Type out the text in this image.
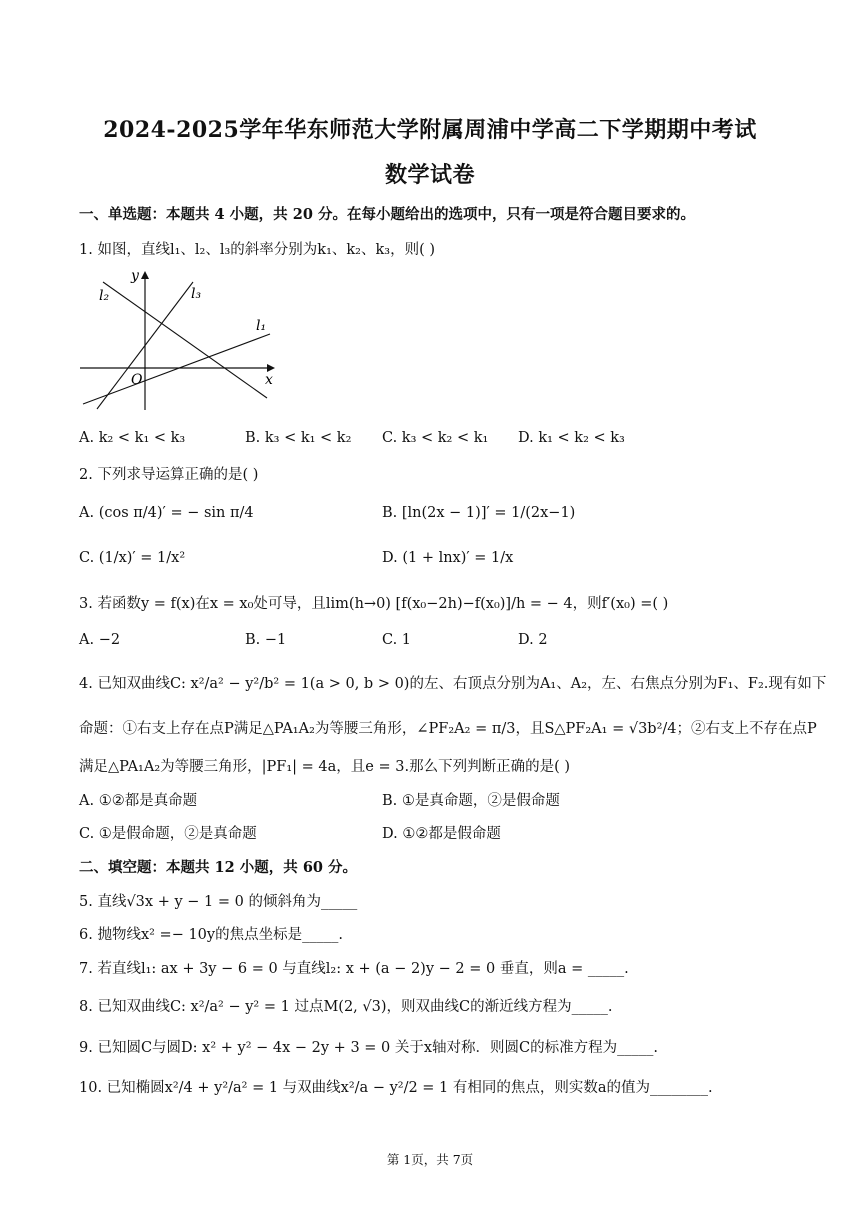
2024-2025学年华东师范大学附属周浦中学高二下学期期中考试
数学试卷
一、单选题：本题共 4 小题，共 20 分。在每小题给出的选项中，只有一项是符合题目要求的。
1. 如图，直线l₁、l₂、l₃的斜率分别为k₁、k₂、k₃，则( )
y
x
O
l₁
l₂	l₃
A. k₂ < k₁ < k₃	B. k₃ < k₁ < k₂ C. k₃ < k₂ < k₁ D. k₁ < k₂ < k₃
2. 下列求导运算正确的是( )
A. (cos π/4)′ = − sin π/4	B. [ln(2x − 1)]′ = 1/(2x−1)
C. (1/x)′ = 1/x²	D. (1 + lnx)′ = 1/x
3. 若函数y = f(x)在x = x₀处可导，且lim(h→0) [f(x₀−2h)−f(x₀)]/h = − 4，则f′(x₀) =( )
A. −2	B. −1	C. 1	D. 2
4. 已知双曲线C: x²/a² − y²/b² = 1(a > 0, b > 0)的左、右顶点分别为A₁、A₂，左、右焦点分别为F₁、F₂.现有如下
命题：①右支上存在点P满足△PA₁A₂为等腰三角形，∠PF₂A₂ = π/3，且S△PF₂A₁ = √3b²/4；②右支上不存在点P
满足△PA₁A₂为等腰三角形，|PF₁| = 4a，且e = 3.那么下列判断正确的是( )
A. ①②都是真命题	B. ①是真命题，②是假命题
C. ①是假命题，②是真命题	D. ①②都是假命题
二、填空题：本题共 12 小题，共 60 分。
5. 直线√3x + y − 1 = 0 的倾斜角为_____
6. 抛物线x² =− 10y的焦点坐标是_____.
7. 若直线l₁: ax + 3y − 6 = 0 与直线l₂: x + (a − 2)y − 2 = 0 垂直，则a = _____.
8. 已知双曲线C: x²/a² − y² = 1 过点M(2, √3)，则双曲线C的渐近线方程为_____.
9. 已知圆C与圆D: x² + y² − 4x − 2y + 3 = 0 关于x轴对称．则圆C的标准方程为_____.
10. 已知椭圆x²/4 + y²/a² = 1 与双曲线x²/a − y²/2 = 1 有相同的焦点，则实数a的值为________.
第 1页，共 7页
